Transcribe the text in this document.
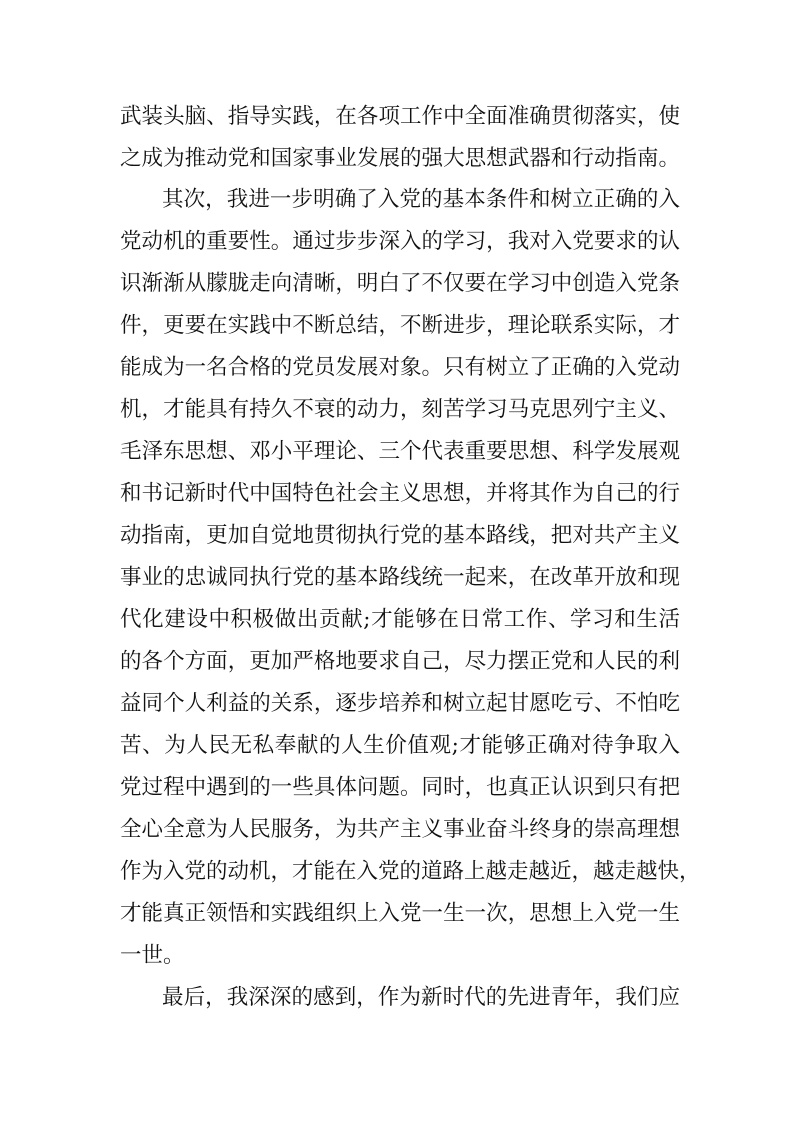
武装头脑、指导实践，在各项工作中全面准确贯彻落实，使
之成为推动党和国家事业发展的强大思想武器和行动指南。
其次，我进一步明确了入党的基本条件和树立正确的入
党动机的重要性。通过步步深入的学习，我对入党要求的认
识渐渐从朦胧走向清晰，明白了不仅要在学习中创造入党条
件，更要在实践中不断总结，不断进步，理论联系实际，才
能成为一名合格的党员发展对象。只有树立了正确的入党动
机，才能具有持久不衰的动力，刻苦学习马克思列宁主义、
毛泽东思想、邓小平理论、三个代表重要思想、科学发展观
和书记新时代中国特色社会主义思想，并将其作为自己的行
动指南，更加自觉地贯彻执行党的基本路线，把对共产主义
事业的忠诚同执行党的基本路线统一起来，在改革开放和现
代化建设中积极做出贡献;才能够在日常工作、学习和生活
的各个方面，更加严格地要求自己，尽力摆正党和人民的利
益同个人利益的关系，逐步培养和树立起甘愿吃亏、不怕吃
苦、为人民无私奉献的人生价值观;才能够正确对待争取入
党过程中遇到的一些具体问题。同时，也真正认识到只有把
全心全意为人民服务，为共产主义事业奋斗终身的崇高理想
作为入党的动机，才能在入党的道路上越走越近，越走越快，
才能真正领悟和实践组织上入党一生一次，思想上入党一生
一世。
最后，我深深的感到，作为新时代的先进青年，我们应
